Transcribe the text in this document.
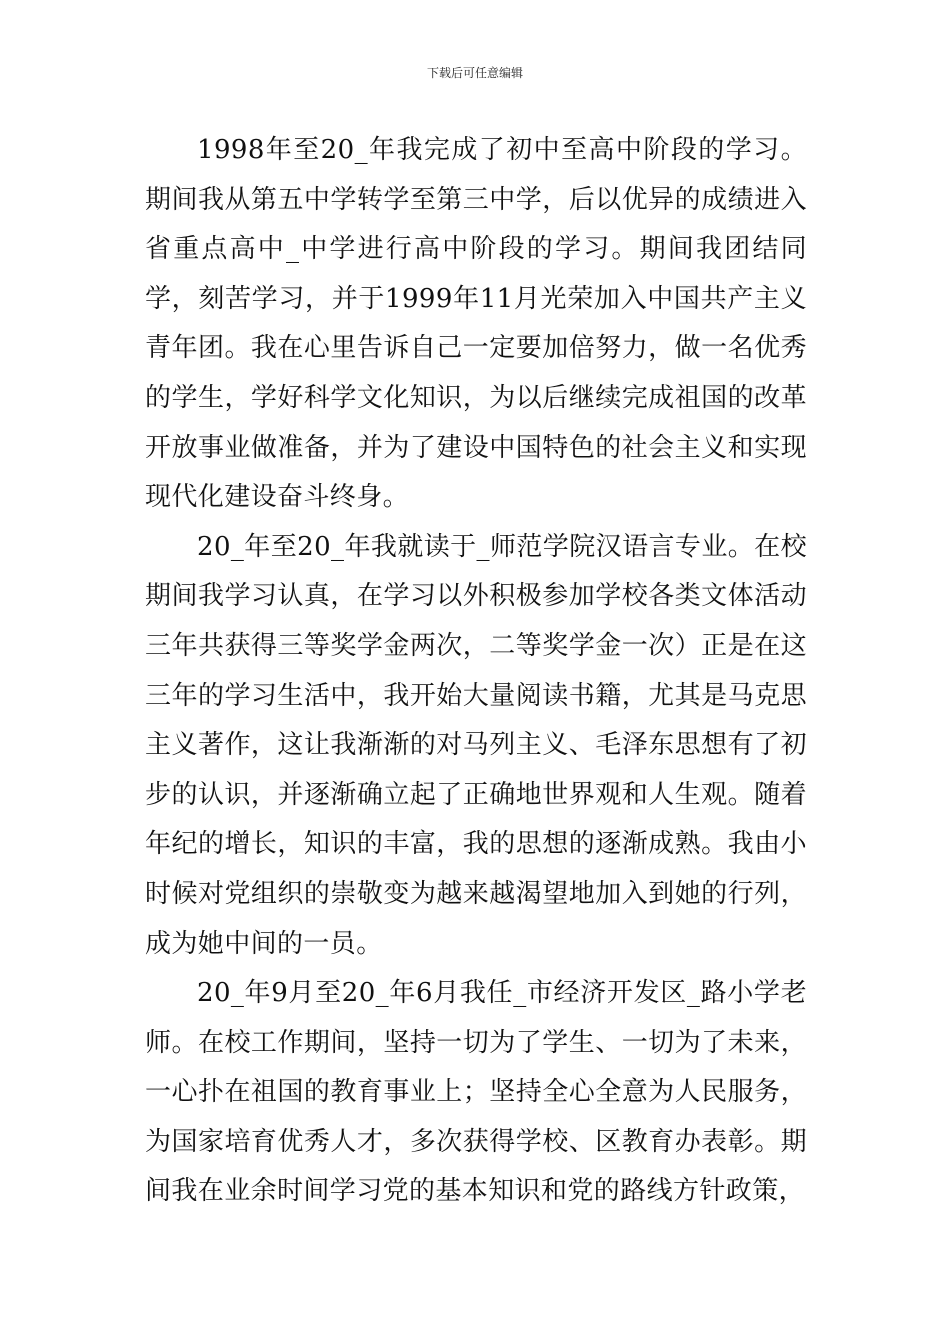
下载后可任意编辑

1998年至20_年我完成了初中至高中阶段的学习。期间我从第五中学转学至第三中学，后以优异的成绩进入省重点高中_中学进行高中阶段的学习。期间我团结同学，刻苦学习，并于1999年11月光荣加入中国共产主义青年团。我在心里告诉自己一定要加倍努力，做一名优秀的学生，学好科学文化知识，为以后继续完成祖国的改革开放事业做准备，并为了建设中国特色的社会主义和实现现代化建设奋斗终身。

20_年至20_年我就读于_师范学院汉语言专业。在校期间我学习认真，在学习以外积极参加学校各类文体活动三年共获得三等奖学金两次，二等奖学金一次）正是在这三年的学习生活中，我开始大量阅读书籍，尤其是马克思主义著作，这让我渐渐的对马列主义、毛泽东思想有了初步的认识，并逐渐确立起了正确地世界观和人生观。随着年纪的增长，知识的丰富，我的思想的逐渐成熟。我由小时候对党组织的崇敬变为越来越渴望地加入到她的行列，成为她中间的一员。

20_年9月至20_年6月我任_市经济开发区_路小学老师。在校工作期间，坚持一切为了学生、一切为了未来，一心扑在祖国的教育事业上；坚持全心全意为人民服务，为国家培育优秀人才，多次获得学校、区教育办表彰。期间我在业余时间学习党的基本知识和党的路线方针政策，
